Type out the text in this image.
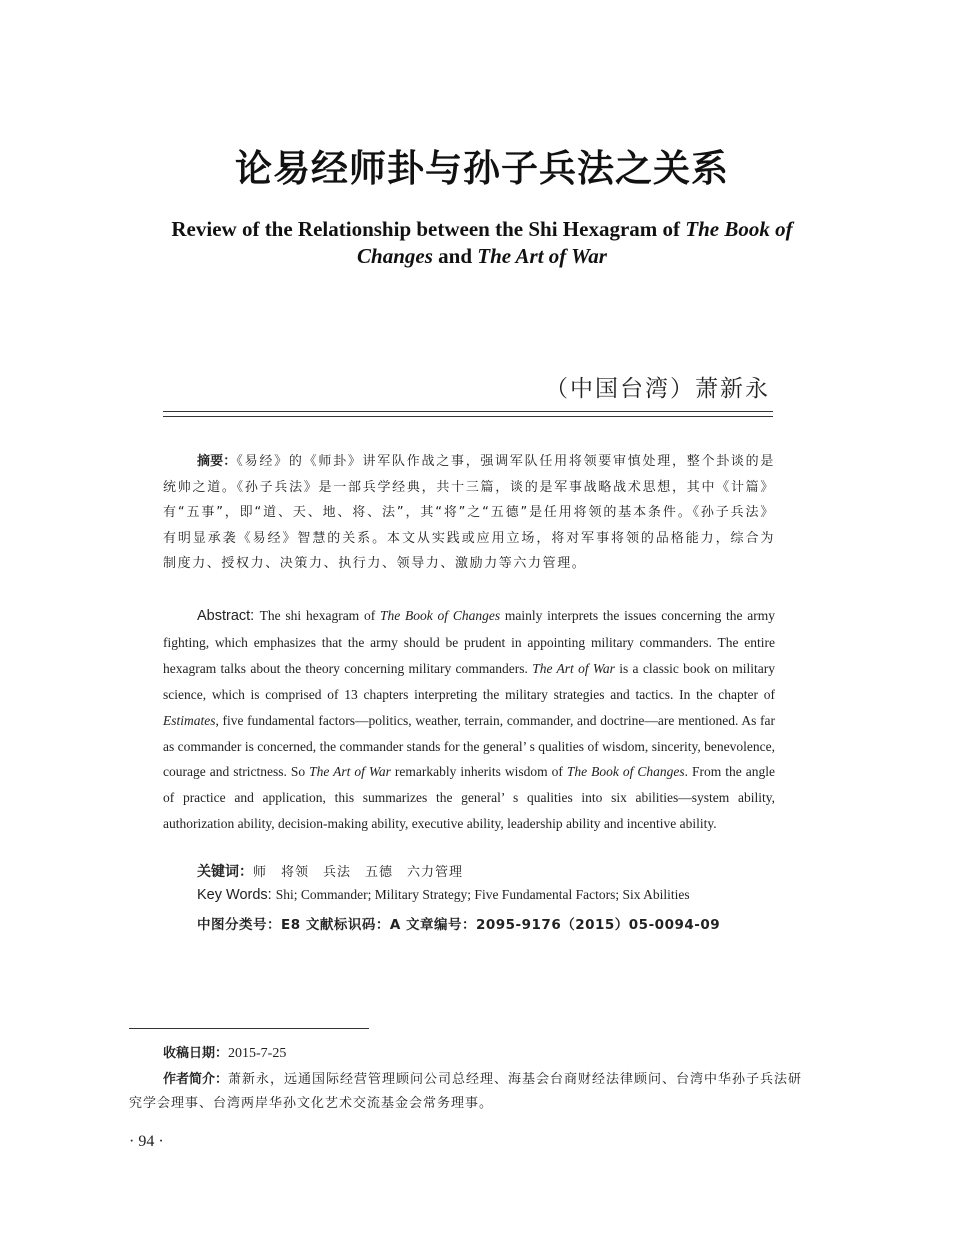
论易经师卦与孙子兵法之关系
Review of the Relationship between the Shi Hexagram of The Book of
Changes and The Art of War
（中国台湾）萧新永
摘要：《易经》的《师卦》讲军队作战之事，强调军队任用将领要审慎处理，整个卦谈的是统帅之道。《孙子兵法》是一部兵学经典，共十三篇，谈的是军事战略战术思想，其中《计篇》有“五事”，即“道、天、地、将、法”，其“将”之“五德”是任用将领的基本条件。《孙子兵法》有明显承袭《易经》智慧的关系。本文从实践或应用立场，将对军事将领的品格能力，综合为制度力、授权力、决策力、执行力、领导力、激励力等六力管理。
Abstract: The shi hexagram of The Book of Changes mainly interprets the issues concerning the army fighting, which emphasizes that the army should be prudent in appointing military commanders. The entire hexagram talks about the theory concerning military commanders. The Art of War is a classic book on military science, which is comprised of 13 chapters interpreting the military strategies and tactics. In the chapter of Estimates, five fundamental factors—politics, weather, terrain, commander, and doctrine—are mentioned. As far as commander is concerned, the commander stands for the general’ s qualities of wisdom, sincerity, benevolence, courage and strictness. So The Art of War remarkably inherits wisdom of The Book of Changes. From the angle of practice and application, this summarizes the general’ s qualities into six abilities—system ability, authorization ability, decision-making ability, executive ability, leadership ability and incentive ability.
关键词：师　将领　兵法　五德　六力管理
Key Words: Shi; Commander; Military Strategy; Five Fundamental Factors; Six Abilities
中图分类号：E8 文献标识码：A 文章编号：2095-9176（2015）05-0094-09
收稿日期：2015-7-25
作者简介：萧新永，远通国际经营管理顾问公司总经理、海基会台商财经法律顾问、台湾中华孙子兵法研究学会理事、台湾两岸华孙文化艺术交流基金会常务理事。
· 94 ·
